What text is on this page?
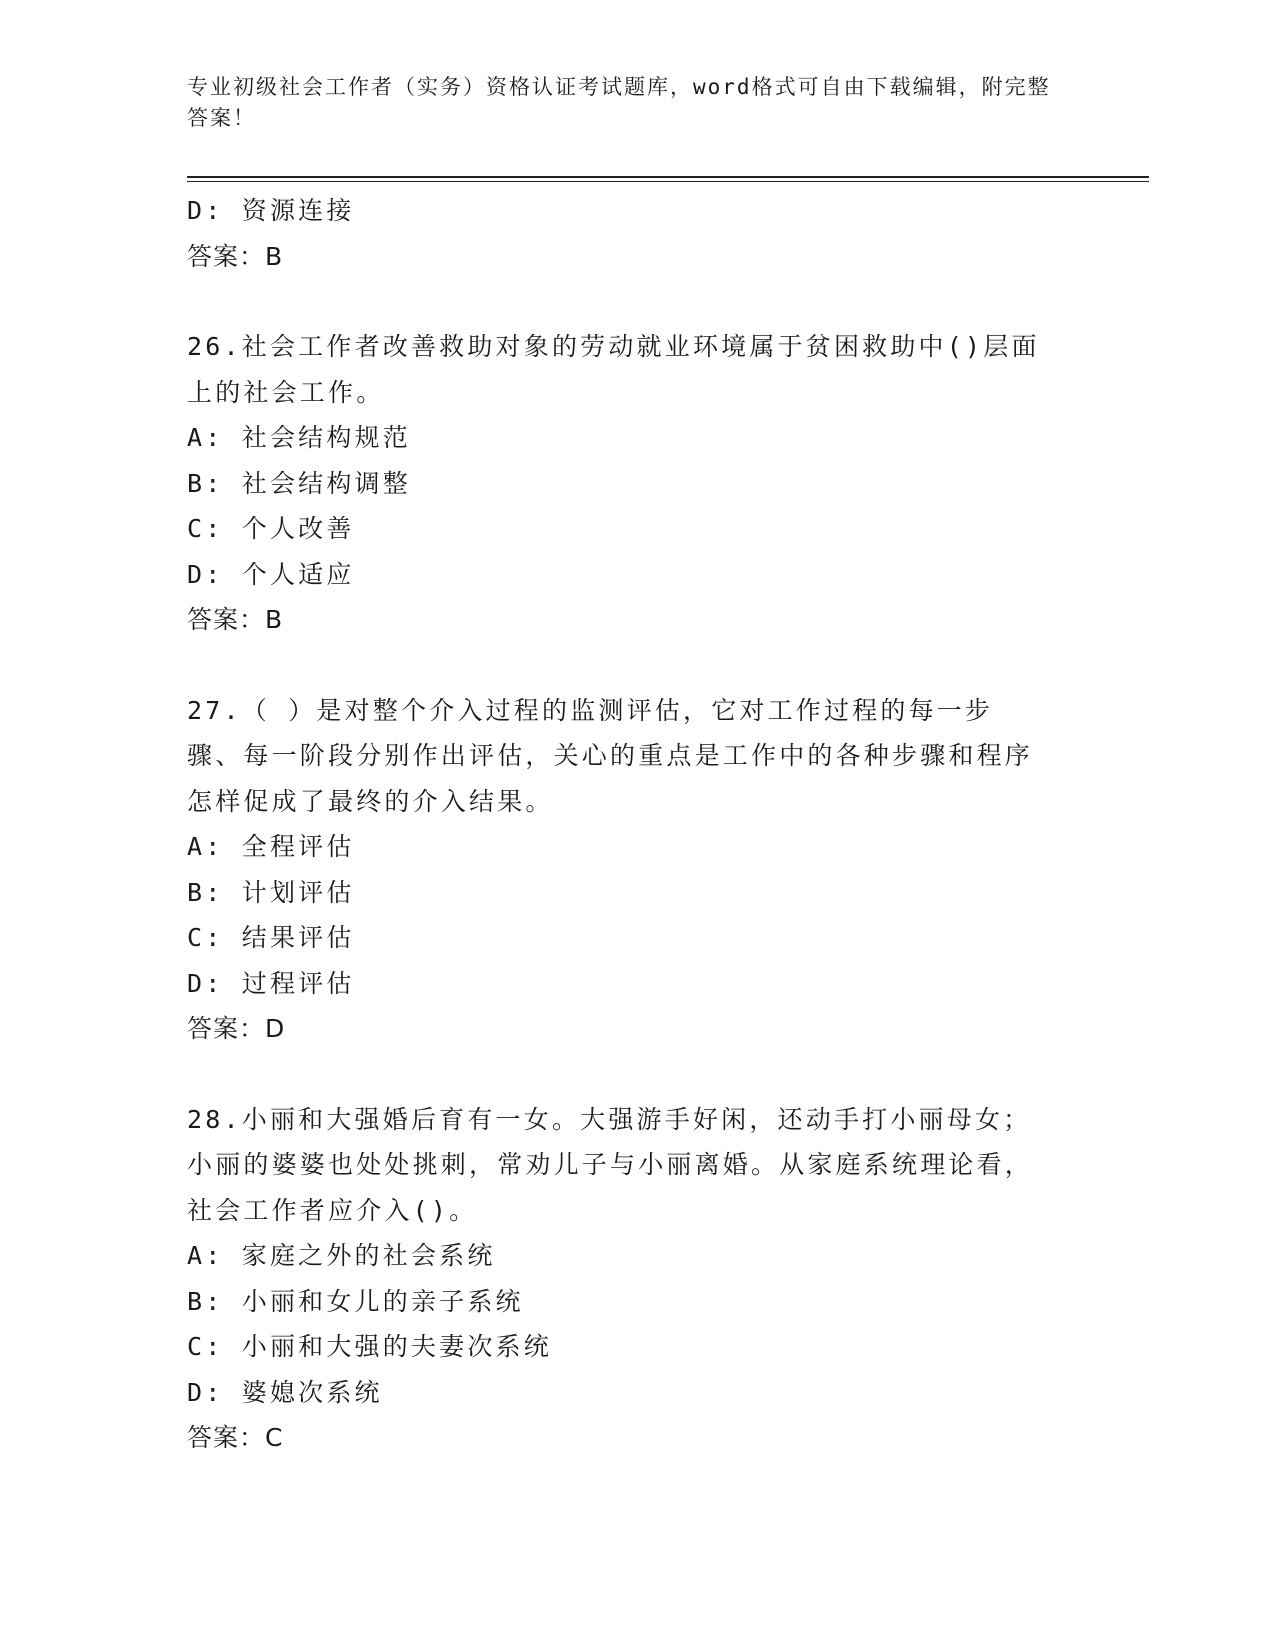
专业初级社会工作者（实务）资格认证考试题库，word格式可自由下载编辑，附完整答案！
D: 资源连接
答案：B
26.社会工作者改善救助对象的劳动就业环境属于贫困救助中()层面上的社会工作。
A: 社会结构规范
B: 社会结构调整
C: 个人改善
D: 个人适应
答案：B
27.（ ）是对整个介入过程的监测评估，它对工作过程的每一步骤、每一阶段分别作出评估，关心的重点是工作中的各种步骤和程序怎样促成了最终的介入结果。
A: 全程评估
B: 计划评估
C: 结果评估
D: 过程评估
答案：D
28.小丽和大强婚后育有一女。大强游手好闲，还动手打小丽母女；小丽的婆婆也处处挑刺，常劝儿子与小丽离婚。从家庭系统理论看，社会工作者应介入()。
A: 家庭之外的社会系统
B: 小丽和女儿的亲子系统
C: 小丽和大强的夫妻次系统
D: 婆媳次系统
答案：C
